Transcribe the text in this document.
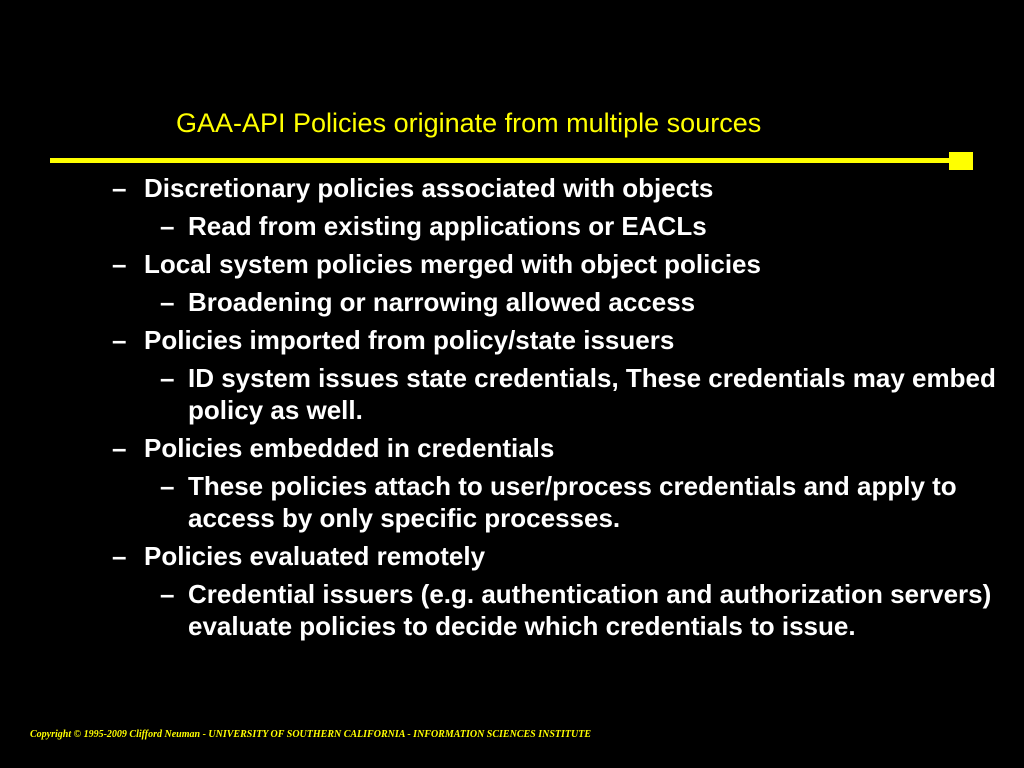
GAA-API Policies originate from multiple sources
– Discretionary policies associated with objects
– Read from existing applications or EACLs
– Local system policies merged with object policies
– Broadening or narrowing allowed access
– Policies imported from policy/state issuers
– ID system issues state credentials, These credentials may embed policy as well.
– Policies embedded in credentials
– These policies attach to user/process credentials and apply to access by only specific processes.
– Policies evaluated remotely
– Credential issuers (e.g. authentication and authorization servers) evaluate policies to decide which credentials to issue.
Copyright © 1995-2009 Clifford Neuman - UNIVERSITY OF SOUTHERN CALIFORNIA - INFORMATION SCIENCES INSTITUTE
